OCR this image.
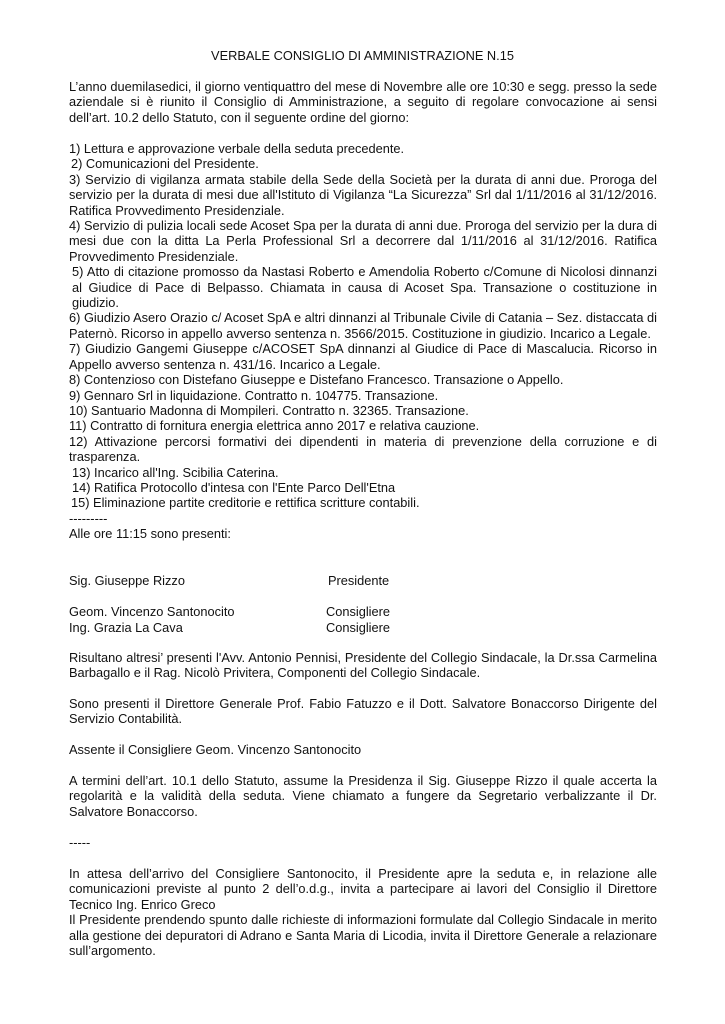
VERBALE CONSIGLIO DI AMMINISTRAZIONE N.15

L’anno duemilasedici, il giorno ventiquattro del mese di Novembre alle ore 10:30 e segg. presso la sede aziendale si è riunito il Consiglio di Amministrazione, a seguito di regolare convocazione ai sensi dell’art. 10.2 dello Statuto, con il seguente ordine del giorno:

1) Lettura e approvazione verbale della seduta precedente.

2) Comunicazioni del Presidente.

3) Servizio di vigilanza armata stabile della Sede della Società per la durata di anni due. Proroga del servizio per la durata di mesi due all'Istituto di Vigilanza “La Sicurezza” Srl dal 1/11/2016 al 31/12/2016. Ratifica Provvedimento Presidenziale.

4) Servizio di pulizia locali sede Acoset Spa per la durata di anni due. Proroga del servizio per la dura di mesi due con la ditta La Perla Professional Srl a decorrere dal 1/11/2016 al 31/12/2016. Ratifica Provvedimento Presidenziale.

5) Atto di citazione promosso da Nastasi Roberto e Amendolia Roberto c/Comune di Nicolosi dinnanzi al Giudice di Pace di Belpasso. Chiamata in causa di Acoset Spa. Transazione o costituzione in giudizio.

6) Giudizio Asero Orazio c/ Acoset SpA e altri dinnanzi al Tribunale Civile di Catania – Sez. distaccata di Paternò. Ricorso in appello avverso sentenza n. 3566/2015. Costituzione in giudizio. Incarico a Legale.

7) Giudizio Gangemi Giuseppe c/ACOSET SpA dinnanzi al Giudice di Pace di Mascalucia. Ricorso in Appello avverso sentenza n. 431/16. Incarico a Legale.

8) Contenzioso con Distefano Giuseppe e Distefano Francesco. Transazione o Appello.

9) Gennaro Srl in liquidazione. Contratto n. 104775. Transazione.

10) Santuario Madonna di Mompileri. Contratto n. 32365. Transazione.

11) Contratto di fornitura energia elettrica anno 2017 e relativa cauzione.

12) Attivazione percorsi formativi dei dipendenti in materia di prevenzione della corruzione e di trasparenza.

13) Incarico all'Ing. Scibilia Caterina.

14) Ratifica Protocollo d'intesa con l'Ente Parco Dell'Etna

15) Eliminazione partite creditorie e rettifica scritture contabili.

---------

Alle ore 11:15 sono presenti:

Sig. Giuseppe Rizzo	Presidente
Geom. Vincenzo Santonocito	Consigliere
Ing. Grazia La Cava	Consigliere

Risultano altresi’ presenti l'Avv. Antonio Pennisi, Presidente del Collegio Sindacale, la Dr.ssa Carmelina Barbagallo e il Rag. Nicolò Privitera, Componenti del Collegio Sindacale.

Sono presenti il Direttore Generale Prof. Fabio Fatuzzo e il Dott. Salvatore Bonaccorso Dirigente del Servizio Contabilità.

Assente il Consigliere Geom. Vincenzo Santonocito

A termini dell’art. 10.1 dello Statuto, assume la Presidenza il Sig. Giuseppe Rizzo il quale accerta la regolarità e la validità della seduta. Viene chiamato a fungere da Segretario verbalizzante il Dr. Salvatore Bonaccorso.

-----

In attesa dell’arrivo del Consigliere Santonocito, il Presidente apre la seduta e, in relazione alle comunicazioni previste al punto 2 dell’o.d.g., invita a partecipare ai lavori del Consiglio il Direttore Tecnico Ing. Enrico Greco

Il Presidente prendendo spunto dalle richieste di informazioni formulate dal Collegio Sindacale in merito alla gestione dei depuratori di Adrano e Santa Maria di Licodia, invita il Direttore Generale a relazionare sull’argomento.
